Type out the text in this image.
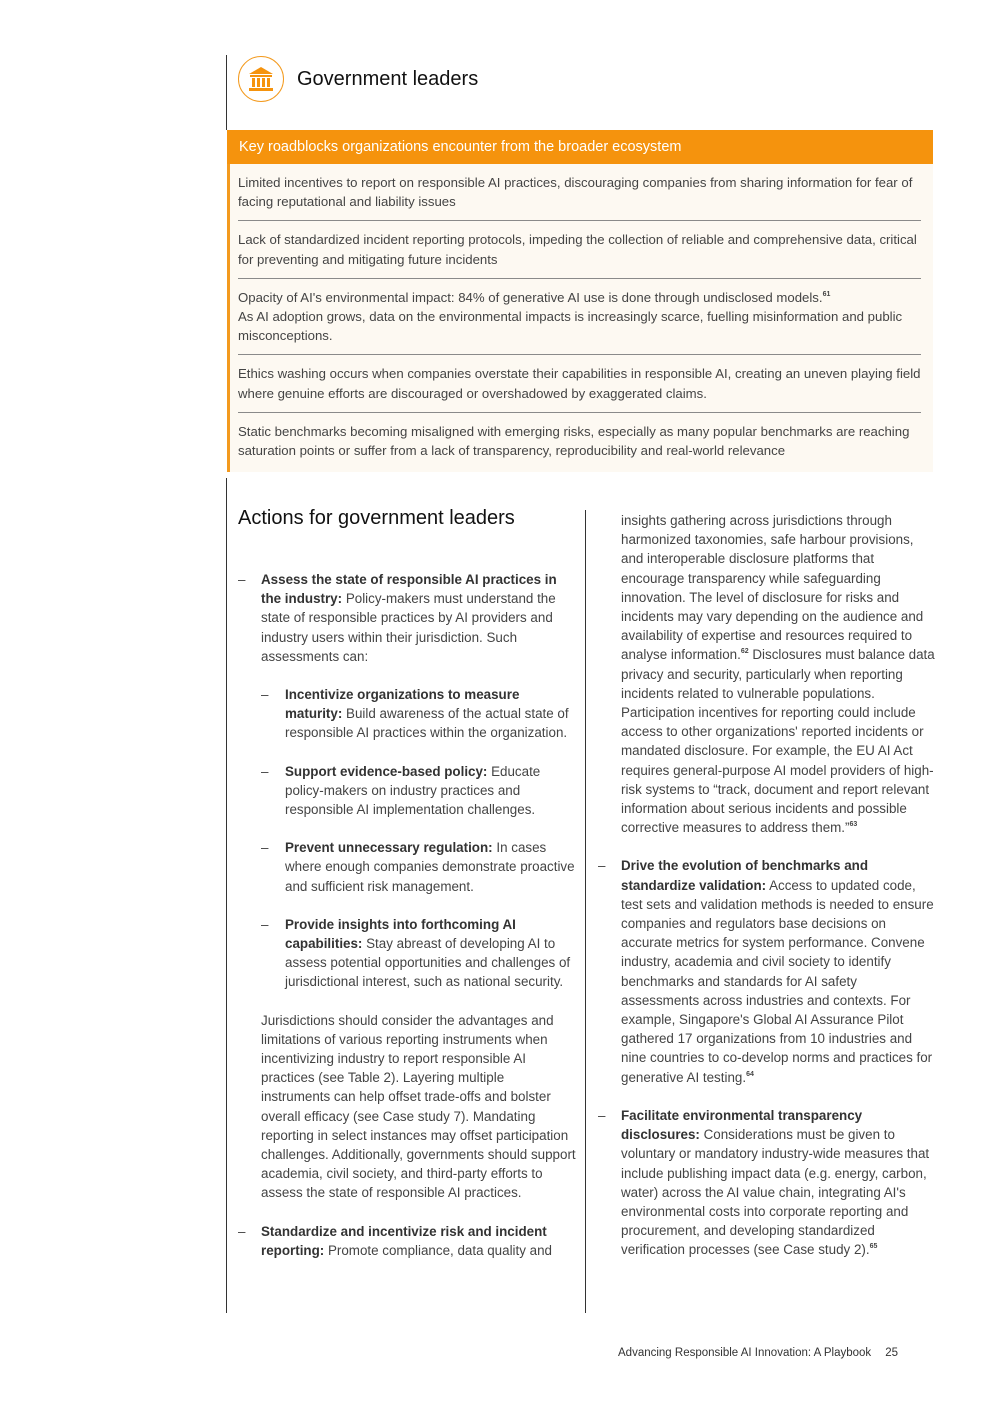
Government leaders
Key roadblocks organizations encounter from the broader ecosystem
Limited incentives to report on responsible AI practices, discouraging companies from sharing information for fear of facing reputational and liability issues
Lack of standardized incident reporting protocols, impeding the collection of reliable and comprehensive data, critical for preventing and mitigating future incidents
Opacity of AI's environmental impact: 84% of generative AI use is done through undisclosed models.$^{61}$
As AI adoption grows, data on the environmental impacts is increasingly scarce, fuelling misinformation and public misconceptions.
Ethics washing occurs when companies overstate their capabilities in responsible AI, creating an uneven playing field where genuine efforts are discouraged or overshadowed by exaggerated claims.
Static benchmarks becoming misaligned with emerging risks, especially as many popular benchmarks are reaching saturation points or suffer from a lack of transparency, reproducibility and real-world relevance
Actions for government leaders
–	Assess the state of responsible AI practices in the industry: Policy-makers must understand the state of responsible practices by AI providers and industry users within their jurisdiction. Such assessments can:
–	Incentivize organizations to measure maturity: Build awareness of the actual state of responsible AI practices within the organization.
–	Support evidence-based policy: Educate policy-makers on industry practices and responsible AI implementation challenges.
–	Prevent unnecessary regulation: In cases where enough companies demonstrate proactive and sufficient risk management.
–	Provide insights into forthcoming AI capabilities: Stay abreast of developing AI to assess potential opportunities and challenges of jurisdictional interest, such as national security.
Jurisdictions should consider the advantages and limitations of various reporting instruments when incentivizing industry to report responsible AI practices (see Table 2). Layering multiple instruments can help offset trade-offs and bolster overall efficacy (see Case study 7). Mandating reporting in select instances may offset participation challenges. Additionally, governments should support academia, civil society, and third-party efforts to assess the state of responsible AI practices.
–	Standardize and incentivize risk and incident reporting: Promote compliance, data quality and
insights gathering across jurisdictions through harmonized taxonomies, safe harbour provisions, and interoperable disclosure platforms that encourage transparency while safeguarding innovation. The level of disclosure for risks and incidents may vary depending on the audience and availability of expertise and resources required to analyse information.$^{62}$ Disclosures must balance data privacy and security, particularly when reporting incidents related to vulnerable populations. Participation incentives for reporting could include access to other organizations' reported incidents or mandated disclosure. For example, the EU AI Act requires general-purpose AI model providers of high-risk systems to “track, document and report relevant information about serious incidents and possible corrective measures to address them.”$^{63}$
–	Drive the evolution of benchmarks and standardize validation: Access to updated code, test sets and validation methods is needed to ensure companies and regulators base decisions on accurate metrics for system performance. Convene industry, academia and civil society to identify benchmarks and standards for AI safety assessments across industries and contexts. For example, Singapore's Global AI Assurance Pilot gathered 17 organizations from 10 industries and nine countries to co-develop norms and practices for generative AI testing.$^{64}$
–	Facilitate environmental transparency disclosures: Considerations must be given to voluntary or mandatory industry-wide measures that include publishing impact data (e.g. energy, carbon, water) across the AI value chain, integrating AI's environmental costs into corporate reporting and procurement, and developing standardized verification processes (see Case study 2).$^{65}$
Advancing Responsible AI Innovation: A Playbook 25
